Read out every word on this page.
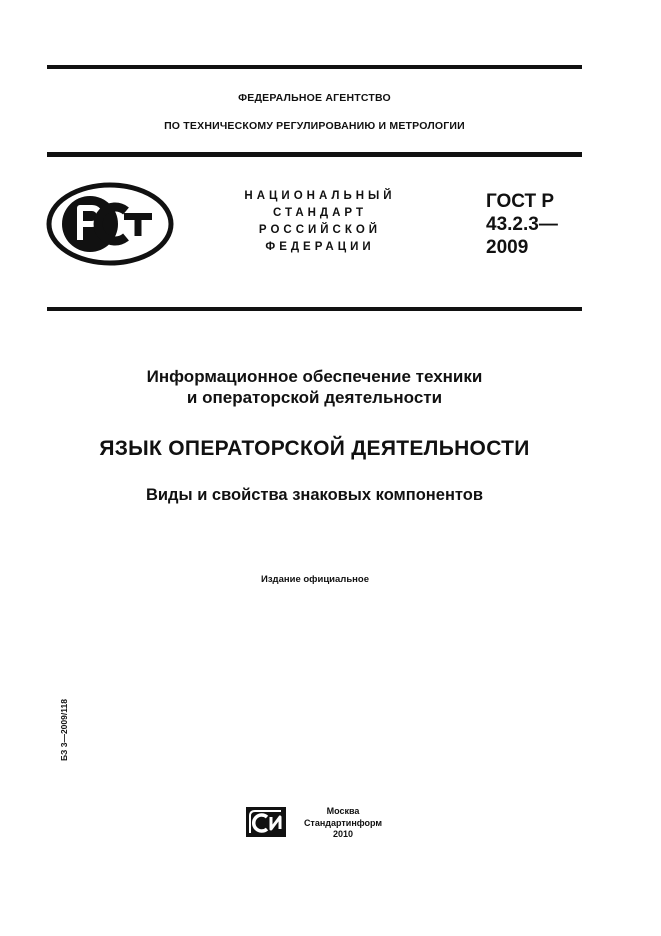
ФЕДЕРАЛЬНОЕ АГЕНТСТВО
ПО ТЕХНИЧЕСКОМУ РЕГУЛИРОВАНИЮ И МЕТРОЛОГИИ
НАЦИОНАЛЬНЫЙ
СТАНДАРТ
РОССИЙСКОЙ
ФЕДЕРАЦИИ
ГОСТ Р
43.2.3—
2009
Информационное обеспечение техники
и операторской деятельности
ЯЗЫК ОПЕРАТОРСКОЙ ДЕЯТЕЛЬНОСТИ
Виды и свойства знаковых компонентов
Издание официальное
БЗ 3—2009/118
Москва
Стандартинформ
2010
